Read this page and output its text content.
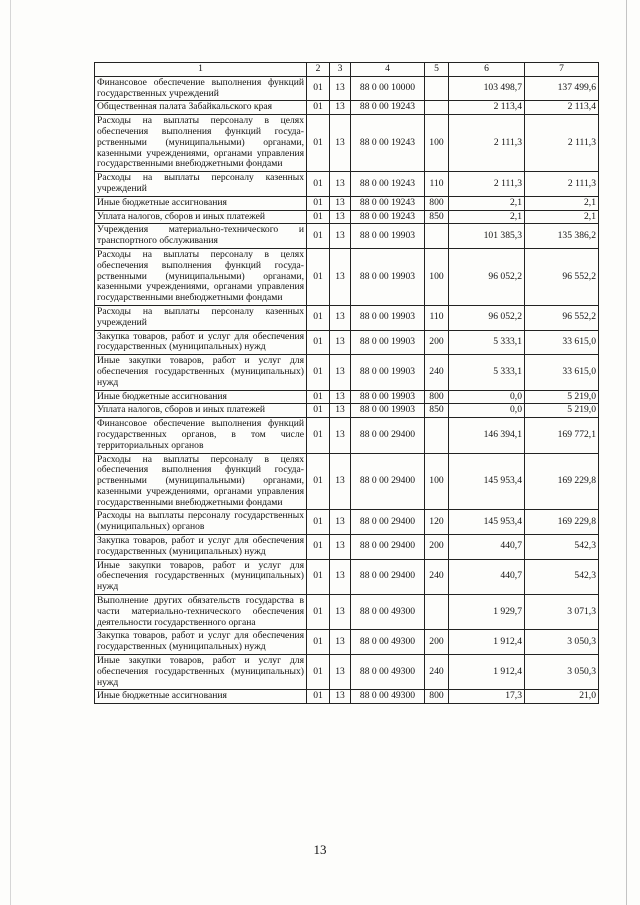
1	2	3	4	5	6	7
Финансовое обеспечение выполнения функций государственных учреждений	01	13	88 0 00 10000		103 498,7	137 499,6
Общественная палата Забайкальского края	01	13	88 0 00 19243		2 113,4	2 113,4
Расходы на выплаты персоналу в целях обеспечения выполнения функций государственными (муниципальными) органами, казенными учреждениями, органами управления государственными внебюджетными фондами	01	13	88 0 00 19243	100	2 111,3	2 111,3
Расходы на выплаты персоналу казенных учреждений	01	13	88 0 00 19243	110	2 111,3	2 111,3
Иные бюджетные ассигнования	01	13	88 0 00 19243	800	2,1	2,1
Уплата налогов, сборов и иных платежей	01	13	88 0 00 19243	850	2,1	2,1
Учреждения материально-технического и транспортного обслуживания	01	13	88 0 00 19903		101 385,3	135 386,2
Расходы на выплаты персоналу в целях обеспечения выполнения функций государственными (муниципальными) органами, казенными учреждениями, органами управления государственными внебюджетными фондами	01	13	88 0 00 19903	100	96 052,2	96 552,2
Расходы на выплаты персоналу казенных учреждений	01	13	88 0 00 19903	110	96 052,2	96 552,2
Закупка товаров, работ и услуг для обеспечения государственных (муниципальных) нужд	01	13	88 0 00 19903	200	5 333,1	33 615,0
Иные закупки товаров, работ и услуг для обеспечения государственных (муниципальных) нужд	01	13	88 0 00 19903	240	5 333,1	33 615,0
Иные бюджетные ассигнования	01	13	88 0 00 19903	800	0,0	5 219,0
Уплата налогов, сборов и иных платежей	01	13	88 0 00 19903	850	0,0	5 219,0
Финансовое обеспечение выполнения функций государственных органов, в том числе территориальных органов	01	13	88 0 00 29400		146 394,1	169 772,1
Расходы на выплаты персоналу в целях обеспечения выполнения функций государственными (муниципальными) органами, казенными учреждениями, органами управления государственными внебюджетными фондами	01	13	88 0 00 29400	100	145 953,4	169 229,8
Расходы на выплаты персоналу государственных (муниципальных) органов	01	13	88 0 00 29400	120	145 953,4	169 229,8
Закупка товаров, работ и услуг для обеспечения государственных (муниципальных) нужд	01	13	88 0 00 29400	200	440,7	542,3
Иные закупки товаров, работ и услуг для обеспечения государственных (муниципальных) нужд	01	13	88 0 00 29400	240	440,7	542,3
Выполнение других обязательств государства в части материально-технического обеспечения деятельности государственного органа	01	13	88 0 00 49300		1 929,7	3 071,3
Закупка товаров, работ и услуг для обеспечения государственных (муниципальных) нужд	01	13	88 0 00 49300	200	1 912,4	3 050,3
Иные закупки товаров, работ и услуг для обеспечения государственных (муниципальных) нужд	01	13	88 0 00 49300	240	1 912,4	3 050,3
Иные бюджетные ассигнования	01	13	88 0 00 49300	800	17,3	21,0
13
